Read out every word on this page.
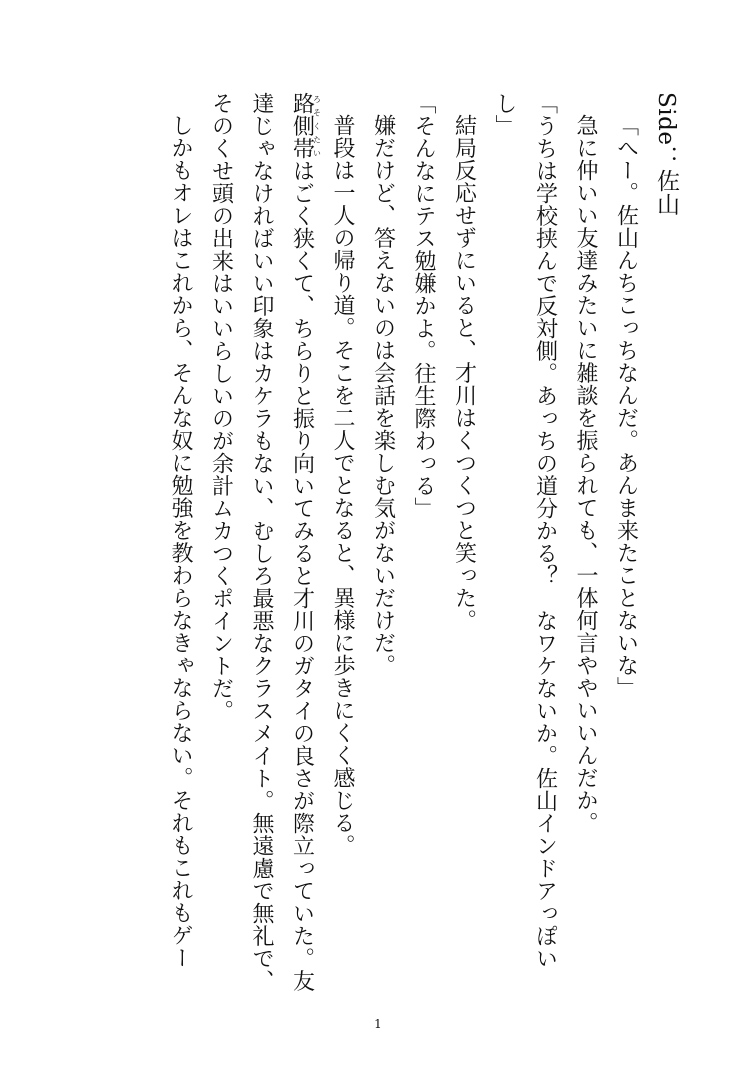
Side：佐山

「へー。佐山んちこっちなんだ。あんま来たことないな」

急に仲いい友達みたいに雑談を振られても、一体何言ややいいんだか。

「うちは学校挟んで反対側。あっちの道分かる？　なワケないか。佐山インドアっぽいし」

結局反応せずにいると、才川はくつくつと笑った。

「そんなにテス勉嫌かよ。往生際わっる」

嫌だけど、答えないのは会話を楽しむ気がないだけだ。

普段は一人の帰り道。そこを二人でとなると、異様に歩きにくく感じる。

路側帯ろそくたいはごく狭くて、ちらりと振り向いてみると才川のガタイの良さが際立っていた。友達じゃなければいい印象はカケラもない、むしろ最悪なクラスメイト。無遠慮で無礼で、そのくせ頭の出来はいいらしいのが余計ムカつくポイントだ。

しかもオレはこれから、そんな奴に勉強を教わらなきゃならない。それもこれもゲー

1
